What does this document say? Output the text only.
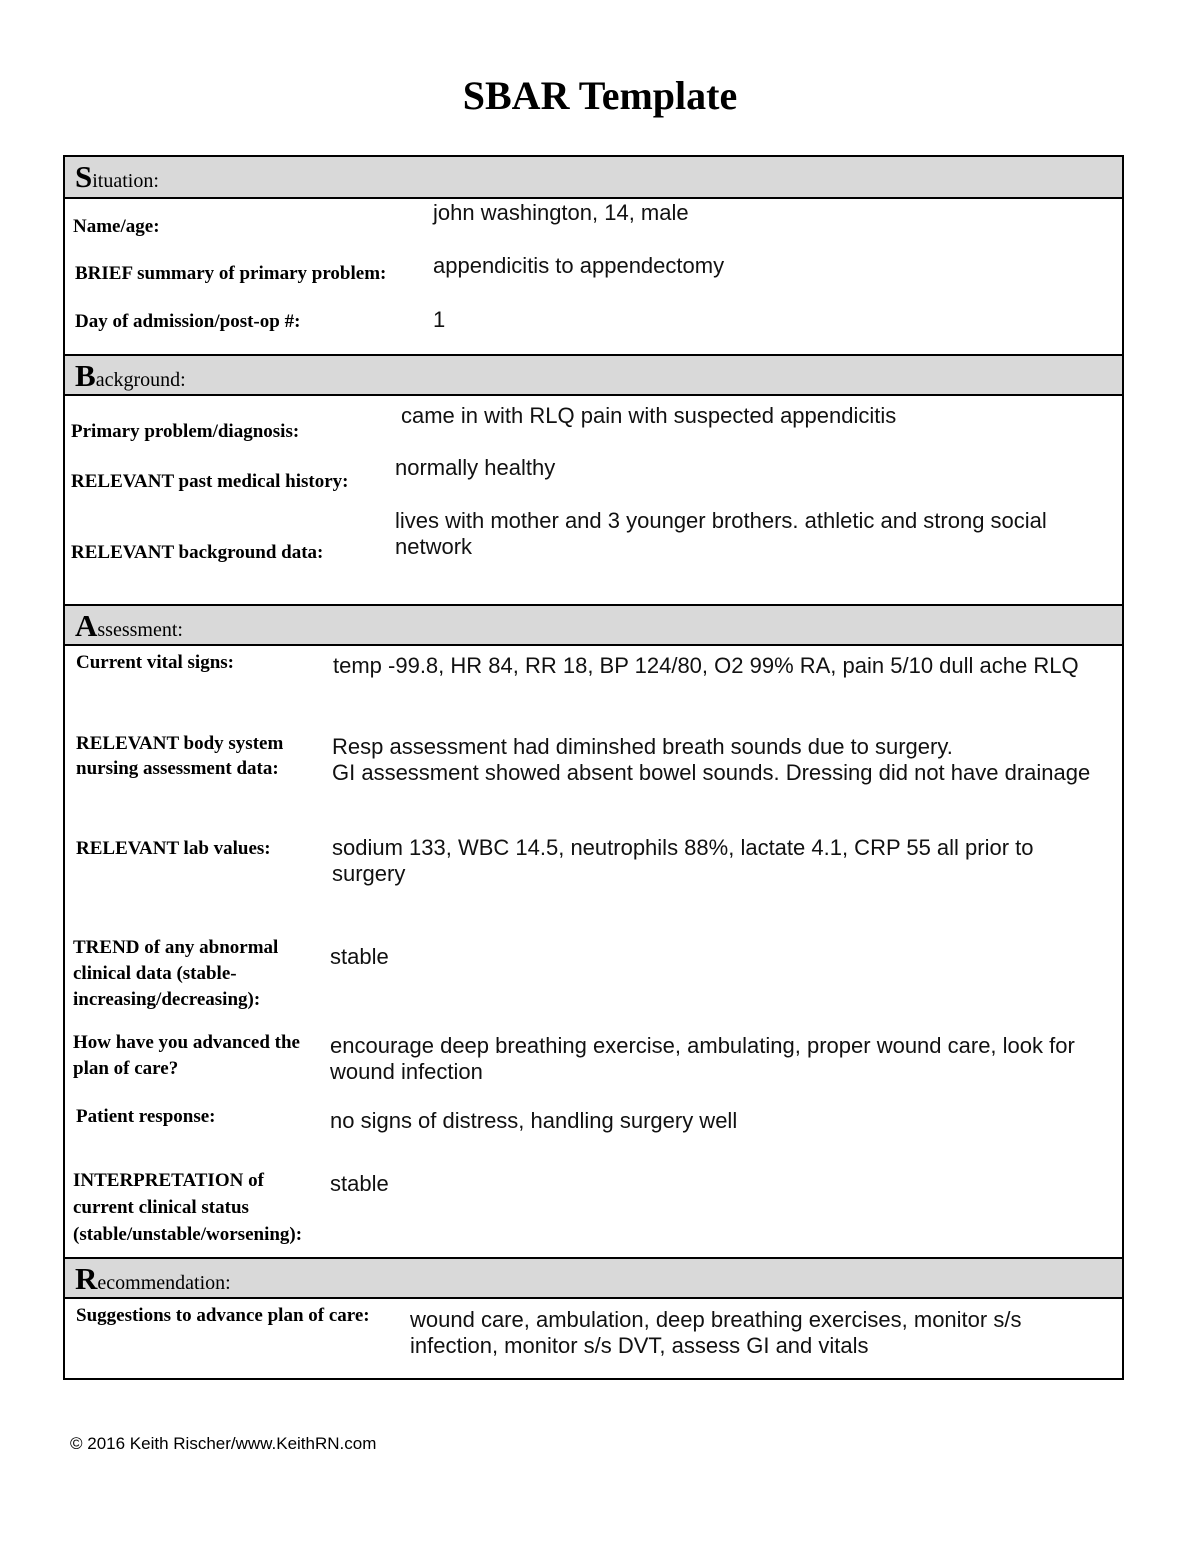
SBAR Template
Situation:
Name/age:
john washington, 14, male
BRIEF summary of primary problem: appendicitis to appendectomy
Day of admission/post-op #:	1
Background:
Primary problem/diagnosis:
came in with RLQ pain with suspected appendicitis
RELEVANT past medical history:
normally healthy
RELEVANT background data:
lives with mother and 3 younger brothers. athletic and strong social network
Assessment:
Current vital signs:	temp -99.8, HR 84, RR 18, BP 124/80, O2 99% RA, pain 5/10 dull ache RLQ
RELEVANT body system
nursing assessment data:
Resp assessment had diminshed breath sounds due to surgery.
GI assessment showed absent bowel sounds. Dressing did not have drainage
RELEVANT lab values:	sodium 133, WBC 14.5, neutrophils 88%, lactate 4.1, CRP 55 all prior to surgery
TREND of any abnormal
clinical data (stable-
increasing/decreasing):
stable
How have you advanced the
plan of care?
encourage deep breathing exercise, ambulating, proper wound care, look for wound infection
Patient response:	no signs of distress, handling surgery well
INTERPRETATION of
current clinical status
(stable/unstable/worsening):
stable
Recommendation:
Suggestions to advance plan of care: wound care, ambulation, deep breathing exercises, monitor s/s infection, monitor s/s DVT, assess GI and vitals
© 2016 Keith Rischer/www.KeithRN.com
